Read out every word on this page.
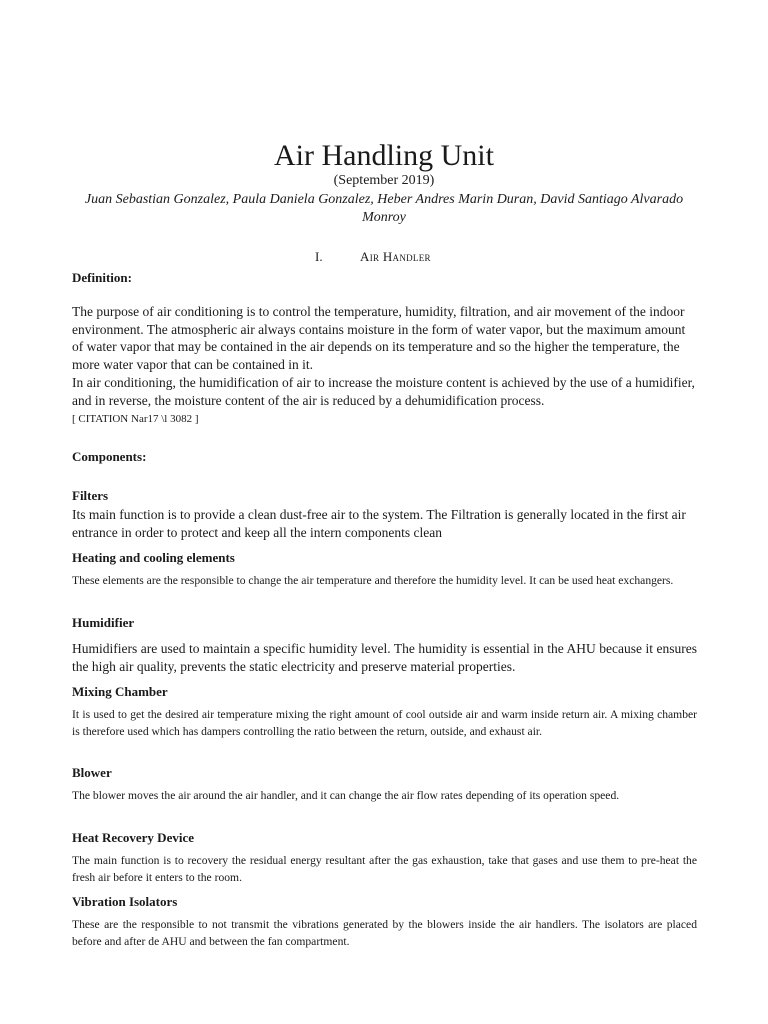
Air Handling Unit
(September 2019)
Juan Sebastian Gonzalez, Paula Daniela Gonzalez, Heber Andres Marin Duran, David Santiago Alvarado Monroy
I.	Air Handler
Definition:

The purpose of air conditioning is to control the temperature, humidity, filtration, and air movement of the indoor environment. The atmospheric air always contains moisture in the form of water vapor, but the maximum amount of water vapor that may be contained in the air depends on its temperature and so the higher the temperature, the more water vapor that can be contained in it.

In air conditioning, the humidification of air to increase the moisture content is achieved by the use of a humidifier, and in reverse, the moisture content of the air is reduced by a dehumidification process.

[ CITATION Nar17 \l 3082 ]
Components:
Filters

Its main function is to provide a clean dust-free air to the system. The Filtration is generally located in the first air entrance in order to protect and keep all the intern components clean

Heating and cooling elements

These elements are the responsible to change the air temperature and therefore the humidity level. It can be used heat exchangers.

Humidifier

Humidifiers are used to maintain a specific humidity level. The humidity is essential in the AHU because it ensures the high air quality, prevents the static electricity and preserve material properties.

Mixing Chamber

It is used to get the desired air temperature mixing the right amount of cool outside air and warm inside return air. A mixing chamber is therefore used which has dampers controlling the ratio between the return, outside, and exhaust air.

Blower

The blower moves the air around the air handler, and it can change the air flow rates depending of its operation speed.

Heat Recovery Device

The main function is to recovery the residual energy resultant after the gas exhaustion, take that gases and use them to pre-heat the fresh air before it enters to the room.

Vibration Isolators

These are the responsible to not transmit the vibrations generated by the blowers inside the air handlers. The isolators are placed before and after de AHU and between the fan compartment.
